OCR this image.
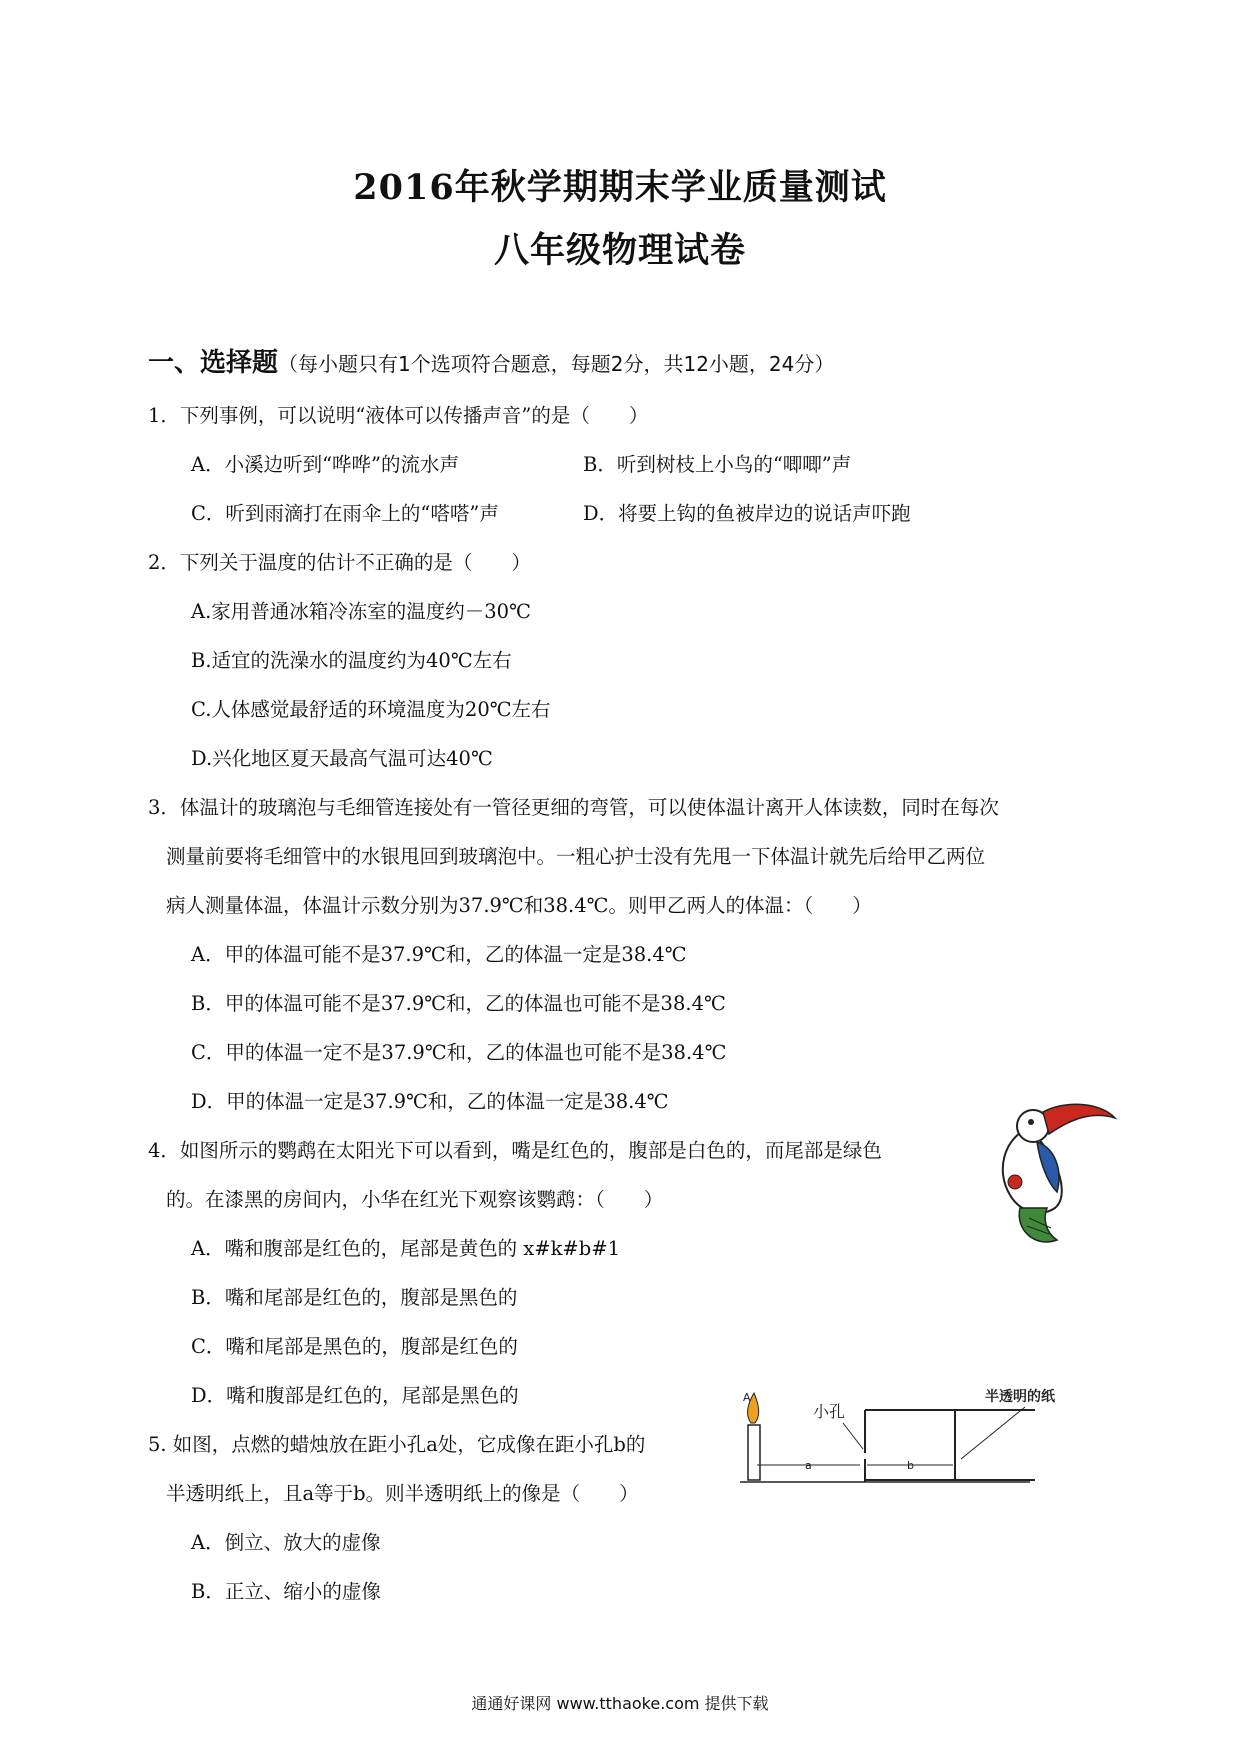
2016年秋学期期末学业质量测试
八年级物理试卷
一、选择题（每小题只有1个选项符合题意，每题2分，共12小题，24分）
1．下列事例，可以说明“液体可以传播声音”的是（　　）
A．小溪边听到“哗哗”的流水声	B．听到树枝上小鸟的“唧唧”声
C．听到雨滴打在雨伞上的“嗒嗒”声	D．将要上钩的鱼被岸边的说话声吓跑
2．下列关于温度的估计不正确的是（　　）
A.家用普通冰箱冷冻室的温度约－30℃
B.适宜的洗澡水的温度约为40℃左右
C.人体感觉最舒适的环境温度为20℃左右
D.兴化地区夏天最高气温可达40℃
3．体温计的玻璃泡与毛细管连接处有一管径更细的弯管，可以使体温计离开人体读数，同时在每次
测量前要将毛细管中的水银甩回到玻璃泡中。一粗心护士没有先甩一下体温计就先后给甲乙两位
病人测量体温，体温计示数分别为37.9℃和38.4℃。则甲乙两人的体温：（　　）
A．甲的体温可能不是37.9℃和，乙的体温一定是38.4℃
B．甲的体温可能不是37.9℃和，乙的体温也可能不是38.4℃
C．甲的体温一定不是37.9℃和，乙的体温也可能不是38.4℃
D．甲的体温一定是37.9℃和，乙的体温一定是38.4℃
4．如图所示的鹦鹉在太阳光下可以看到，嘴是红色的，腹部是白色的，而尾部是绿色
的。在漆黑的房间内，小华在红光下观察该鹦鹉：（　　）
A．嘴和腹部是红色的，尾部是黄色的 x#k#b#1
B．嘴和尾部是红色的，腹部是黑色的
C．嘴和尾部是黑色的，腹部是红色的
D．嘴和腹部是红色的，尾部是黑色的
5. 如图，点燃的蜡烛放在距小孔a处，它成像在距小孔b的
半透明纸上，且a等于b。则半透明纸上的像是（　　）
A．倒立、放大的虚像
B．正立、缩小的虚像
A
a	b
小孔
半透明的纸
通通好课网 www.tthaoke.com 提供下载
